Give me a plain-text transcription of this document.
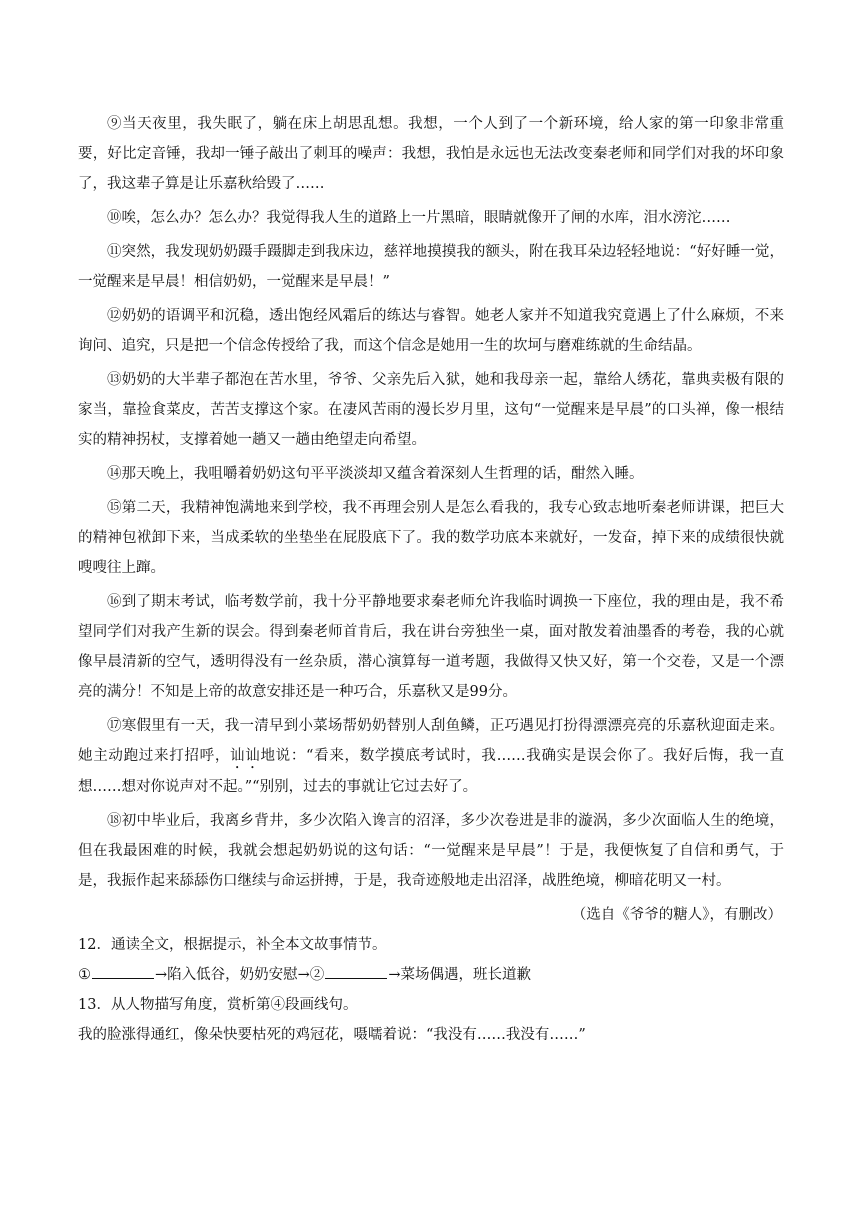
⑨当天夜里，我失眠了，躺在床上胡思乱想。我想，一个人到了一个新环境，给人家的第一印象非常重要，好比定音锤，我却一锤子敲出了刺耳的噪声：我想，我怕是永远也无法改变秦老师和同学们对我的坏印象了，我这辈子算是让乐嘉秋给毁了……

⑩唉，怎么办？怎么办？我觉得我人生的道路上一片黑暗，眼睛就像开了闸的水库，泪水滂沱……

⑪突然，我发现奶奶蹑手蹑脚走到我床边，慈祥地摸摸我的额头，附在我耳朵边轻轻地说：“好好睡一觉，一觉醒来是早晨！相信奶奶，一觉醒来是早晨！”

⑫奶奶的语调平和沉稳，透出饱经风霜后的练达与睿智。她老人家并不知道我究竟遇上了什么麻烦，不来询问、追究，只是把一个信念传授给了我，而这个信念是她用一生的坎坷与磨难练就的生命结晶。

⑬奶奶的大半辈子都泡在苦水里，爷爷、父亲先后入狱，她和我母亲一起，靠给人绣花，靠典卖极有限的家当，靠捡食菜皮，苦苦支撑这个家。在凄风苦雨的漫长岁月里，这句“一觉醒来是早晨”的口头禅，像一根结实的精神拐杖，支撑着她一趟又一趟由绝望走向希望。

⑭那天晚上，我咀嚼着奶奶这句平平淡淡却又蕴含着深刻人生哲理的话，酣然入睡。

⑮第二天，我精神饱满地来到学校，我不再理会别人是怎么看我的，我专心致志地听秦老师讲课，把巨大的精神包袱卸下来，当成柔软的坐垫坐在屁股底下了。我的数学功底本来就好，一发奋，掉下来的成绩很快就嗖嗖往上蹿。

⑯到了期末考试，临考数学前，我十分平静地要求秦老师允许我临时调换一下座位，我的理由是，我不希望同学们对我产生新的误会。得到秦老师首肯后，我在讲台旁独坐一桌，面对散发着油墨香的考卷，我的心就像早晨清新的空气，透明得没有一丝杂质，潜心演算每一道考题，我做得又快又好，第一个交卷，又是一个漂亮的满分！不知是上帝的故意安排还是一种巧合，乐嘉秋又是99分。

⑰寒假里有一天，我一清早到小菜场帮奶奶替别人刮鱼鳞，正巧遇见打扮得漂漂亮亮的乐嘉秋迎面走来。她主动跑过来打招呼，讪讪地说：“看来，数学摸底考试时，我……我确实是误会你了。我好后悔，我一直想……想对你说声对不起。”“别别，过去的事就让它过去好了。

⑱初中毕业后，我离乡背井，多少次陷入谗言的沼泽，多少次卷进是非的漩涡，多少次面临人生的绝境，但在我最困难的时候，我就会想起奶奶说的这句话：“一觉醒来是早晨”！于是，我便恢复了自信和勇气，于是，我振作起来舔舔伤口继续与命运拼搏，于是，我奇迹般地走出沼泽，战胜绝境，柳暗花明又一村。

（选自《爷爷的糖人》，有删改）

12．通读全文，根据提示，补全本文故事情节。

①	→陷入低谷，奶奶安慰→②	→菜场偶遇，班长道歉

13．从人物描写角度，赏析第④段画线句。

我的脸涨得通红，像朵快要枯死的鸡冠花，嗫嚅着说：“我没有……我没有……”
